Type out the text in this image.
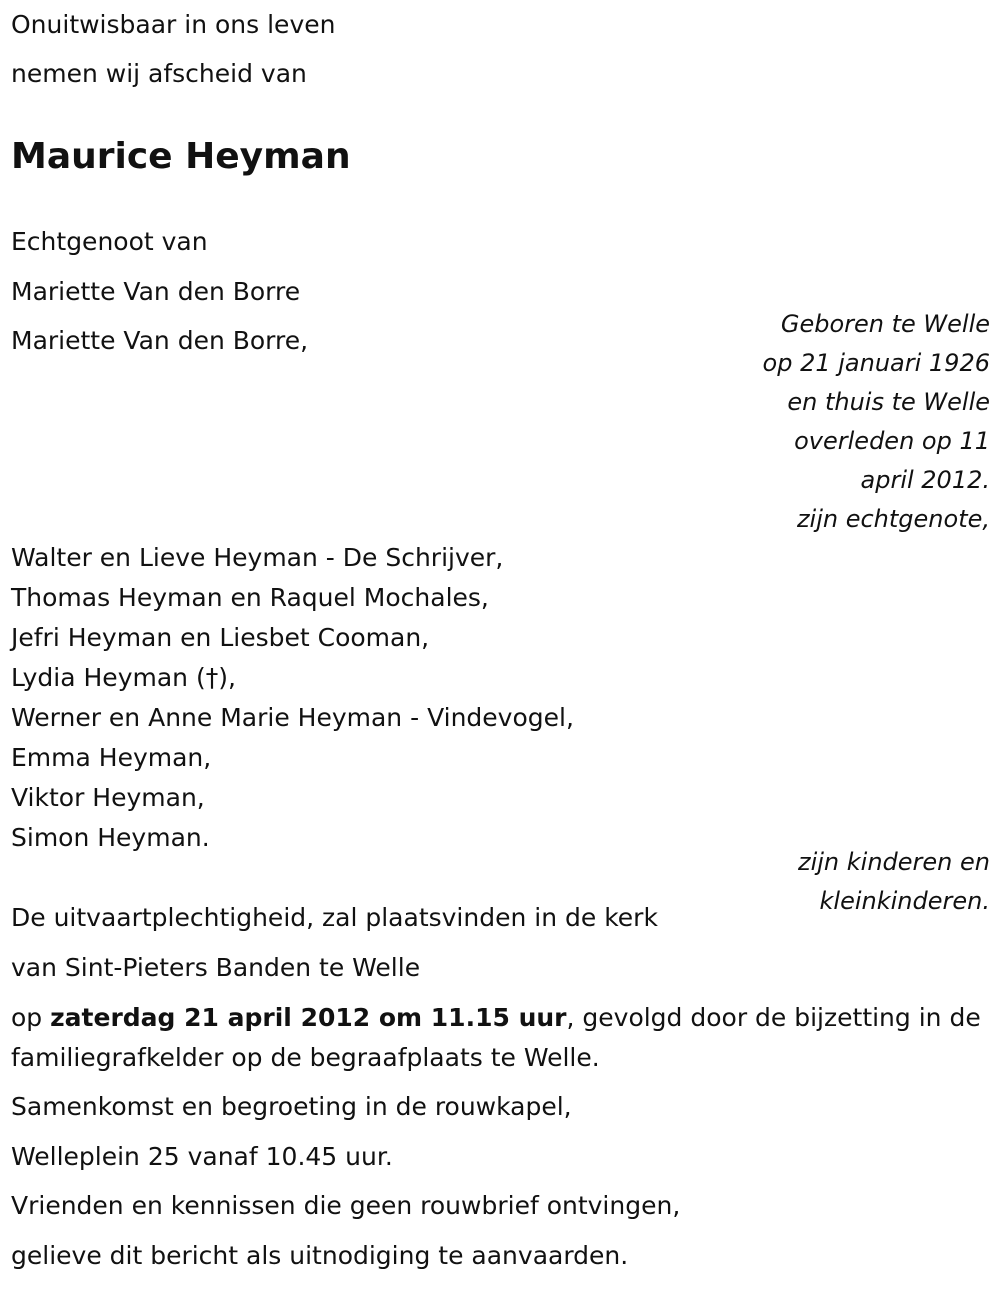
Onuitwisbaar in ons leven
nemen wij afscheid van
Maurice Heyman
Echtgenoot van
Mariette Van den Borre
Mariette Van den Borre,
Geboren te Welle
op 21 januari 1926
en thuis te Welle
overleden op 11
april 2012.
zijn echtgenote,
Walter en Lieve Heyman - De Schrijver,
Thomas Heyman en Raquel Mochales,
Jefri Heyman en Liesbet Cooman,
Lydia Heyman (†),
Werner en Anne Marie Heyman - Vindevogel,
Emma Heyman,
Viktor Heyman,
Simon Heyman.
zijn kinderen en
kleinkinderen.
De uitvaartplechtigheid, zal plaatsvinden in de kerk
van Sint-Pieters Banden te Welle
op zaterdag 21 april 2012 om 11.15 uur, gevolgd door de bijzetting in de familiegrafkelder op de begraafplaats te Welle.
Samenkomst en begroeting in de rouwkapel,
Welleplein 25 vanaf 10.45 uur.
Vrienden en kennissen die geen rouwbrief ontvingen,
gelieve dit bericht als uitnodiging te aanvaarden.
